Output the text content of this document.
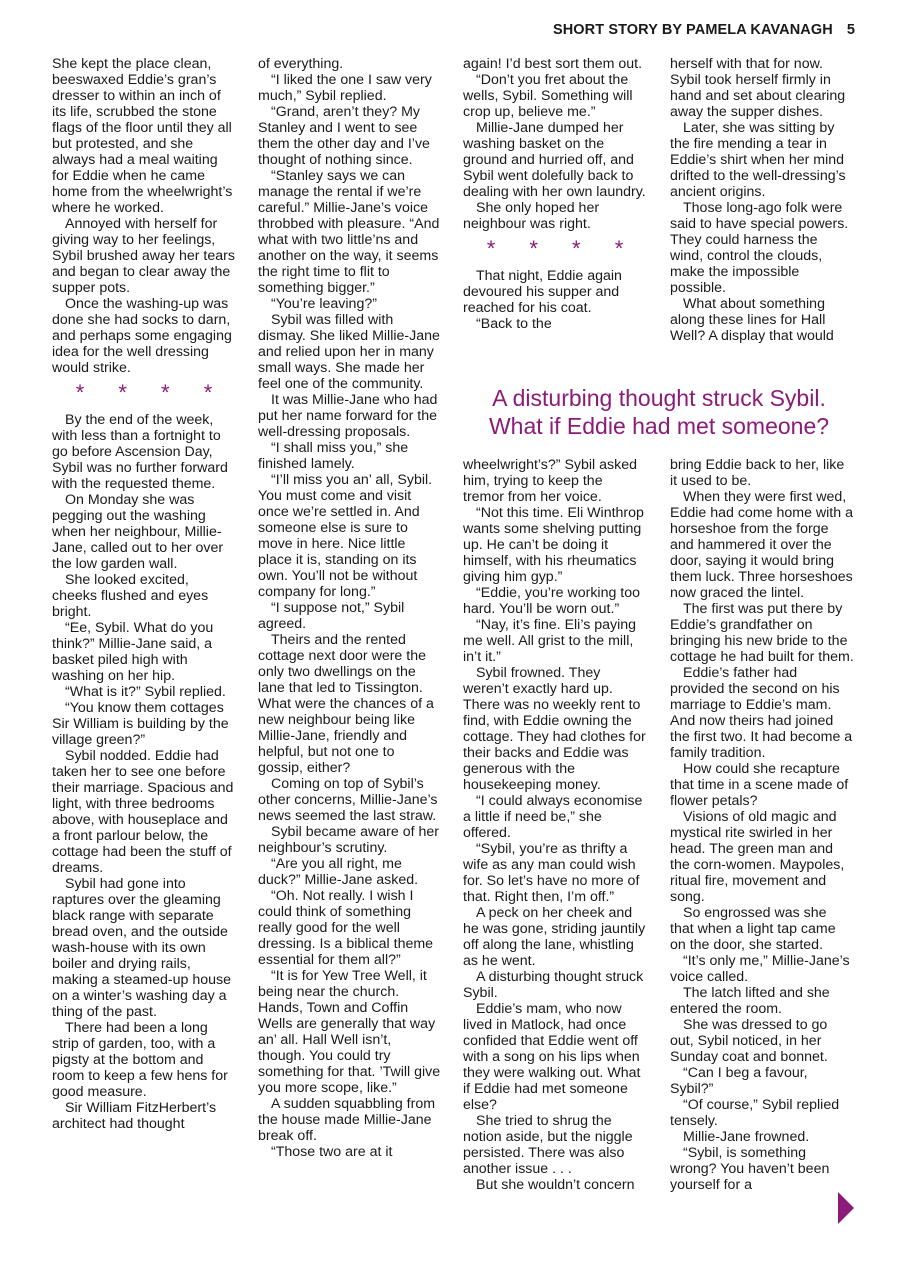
SHORT STORY BY PAMELA KAVANAGH 5

She kept the place clean, beeswaxed Eddie’s gran’s dresser to within an inch of its life, scrubbed the stone flags of the floor until they all but protested, and she always had a meal waiting for Eddie when he came home from the wheelwright’s where he worked.

Annoyed with herself for giving way to her feelings, Sybil brushed away her tears and began to clear away the supper pots.

Once the washing-up was done she had socks to darn, and perhaps some engaging idea for the well dressing would strike.

* * * *

By the end of the week, with less than a fortnight to go before Ascension Day, Sybil was no further forward with the requested theme.

On Monday she was pegging out the washing when her neighbour, Millie-Jane, called out to her over the low garden wall.

She looked excited, cheeks flushed and eyes bright.

“Ee, Sybil. What do you think?” Millie-Jane said, a basket piled high with washing on her hip.

“What is it?” Sybil replied.

“You know them cottages Sir William is building by the village green?”

Sybil nodded. Eddie had taken her to see one before their marriage. Spacious and light, with three bedrooms above, with houseplace and a front parlour below, the cottage had been the stuff of dreams.

Sybil had gone into raptures over the gleaming black range with separate bread oven, and the outside wash-house with its own boiler and drying rails, making a steamed-up house on a winter’s washing day a thing of the past.

There had been a long strip of garden, too, with a pigsty at the bottom and room to keep a few hens for good measure.

Sir William FitzHerbert’s architect had thought

of everything.

“I liked the one I saw very much,” Sybil replied.

“Grand, aren’t they? My Stanley and I went to see them the other day and I’ve thought of nothing since.

“Stanley says we can manage the rental if we’re careful.” Millie-Jane’s voice throbbed with pleasure. “And what with two little’ns and another on the way, it seems the right time to flit to something bigger.”

“You’re leaving?”

Sybil was filled with dismay. She liked Millie-Jane and relied upon her in many small ways. She made her feel one of the community.

It was Millie-Jane who had put her name forward for the well-dressing proposals.

“I shall miss you,” she finished lamely.

“I’ll miss you an’ all, Sybil. You must come and visit once we’re settled in. And someone else is sure to move in here. Nice little place it is, standing on its own. You’ll not be without company for long.”

“I suppose not,” Sybil agreed.

Theirs and the rented cottage next door were the only two dwellings on the lane that led to Tissington. What were the chances of a new neighbour being like Millie-Jane, friendly and helpful, but not one to gossip, either?

Coming on top of Sybil’s other concerns, Millie-Jane’s news seemed the last straw.

Sybil became aware of her neighbour’s scrutiny.

“Are you all right, me duck?” Millie-Jane asked.

“Oh. Not really. I wish I could think of something really good for the well dressing. Is a biblical theme essential for them all?”

“It is for Yew Tree Well, it being near the church. Hands, Town and Coffin Wells are generally that way an’ all. Hall Well isn’t, though. You could try something for that. ’Twill give you more scope, like.”

A sudden squabbling from the house made Millie-Jane break off.

“Those two are at it

again! I’d best sort them out.

“Don’t you fret about the wells, Sybil. Something will crop up, believe me.”

Millie-Jane dumped her washing basket on the ground and hurried off, and Sybil went dolefully back to dealing with her own laundry.

She only hoped her neighbour was right.

* * * *

That night, Eddie again devoured his supper and reached for his coat.

“Back to the

herself with that for now. Sybil took herself firmly in hand and set about clearing away the supper dishes.

Later, she was sitting by the fire mending a tear in Eddie’s shirt when her mind drifted to the well-dressing’s ancient origins.

Those long-ago folk were said to have special powers. They could harness the wind, control the clouds, make the impossible possible.

What about something along these lines for Hall Well? A display that would

A disturbing thought struck Sybil. What if Eddie had met someone?

wheelwright’s?” Sybil asked him, trying to keep the tremor from her voice.

“Not this time. Eli Winthrop wants some shelving putting up. He can’t be doing it himself, with his rheumatics giving him gyp.”

“Eddie, you’re working too hard. You’ll be worn out.”

“Nay, it’s fine. Eli’s paying me well. All grist to the mill, in’t it.”

Sybil frowned. They weren’t exactly hard up. There was no weekly rent to find, with Eddie owning the cottage. They had clothes for their backs and Eddie was generous with the housekeeping money.

“I could always economise a little if need be,” she offered.

“Sybil, you’re as thrifty a wife as any man could wish for. So let’s have no more of that. Right then, I’m off.”

A peck on her cheek and he was gone, striding jauntily off along the lane, whistling as he went.

A disturbing thought struck Sybil.

Eddie’s mam, who now lived in Matlock, had once confided that Eddie went off with a song on his lips when they were walking out. What if Eddie had met someone else?

She tried to shrug the notion aside, but the niggle persisted. There was also another issue . . .

But she wouldn’t concern

bring Eddie back to her, like it used to be.

When they were first wed, Eddie had come home with a horseshoe from the forge and hammered it over the door, saying it would bring them luck. Three horseshoes now graced the lintel.

The first was put there by Eddie’s grandfather on bringing his new bride to the cottage he had built for them.

Eddie’s father had provided the second on his marriage to Eddie’s mam. And now theirs had joined the first two. It had become a family tradition.

How could she recapture that time in a scene made of flower petals?

Visions of old magic and mystical rite swirled in her head. The green man and the corn-women. Maypoles, ritual fire, movement and song.

So engrossed was she that when a light tap came on the door, she started.

“It’s only me,” Millie-Jane’s voice called.

The latch lifted and she entered the room.

She was dressed to go out, Sybil noticed, in her Sunday coat and bonnet.

“Can I beg a favour, Sybil?”

“Of course,” Sybil replied tensely.

Millie-Jane frowned.

“Sybil, is something wrong? You haven’t been yourself for a
